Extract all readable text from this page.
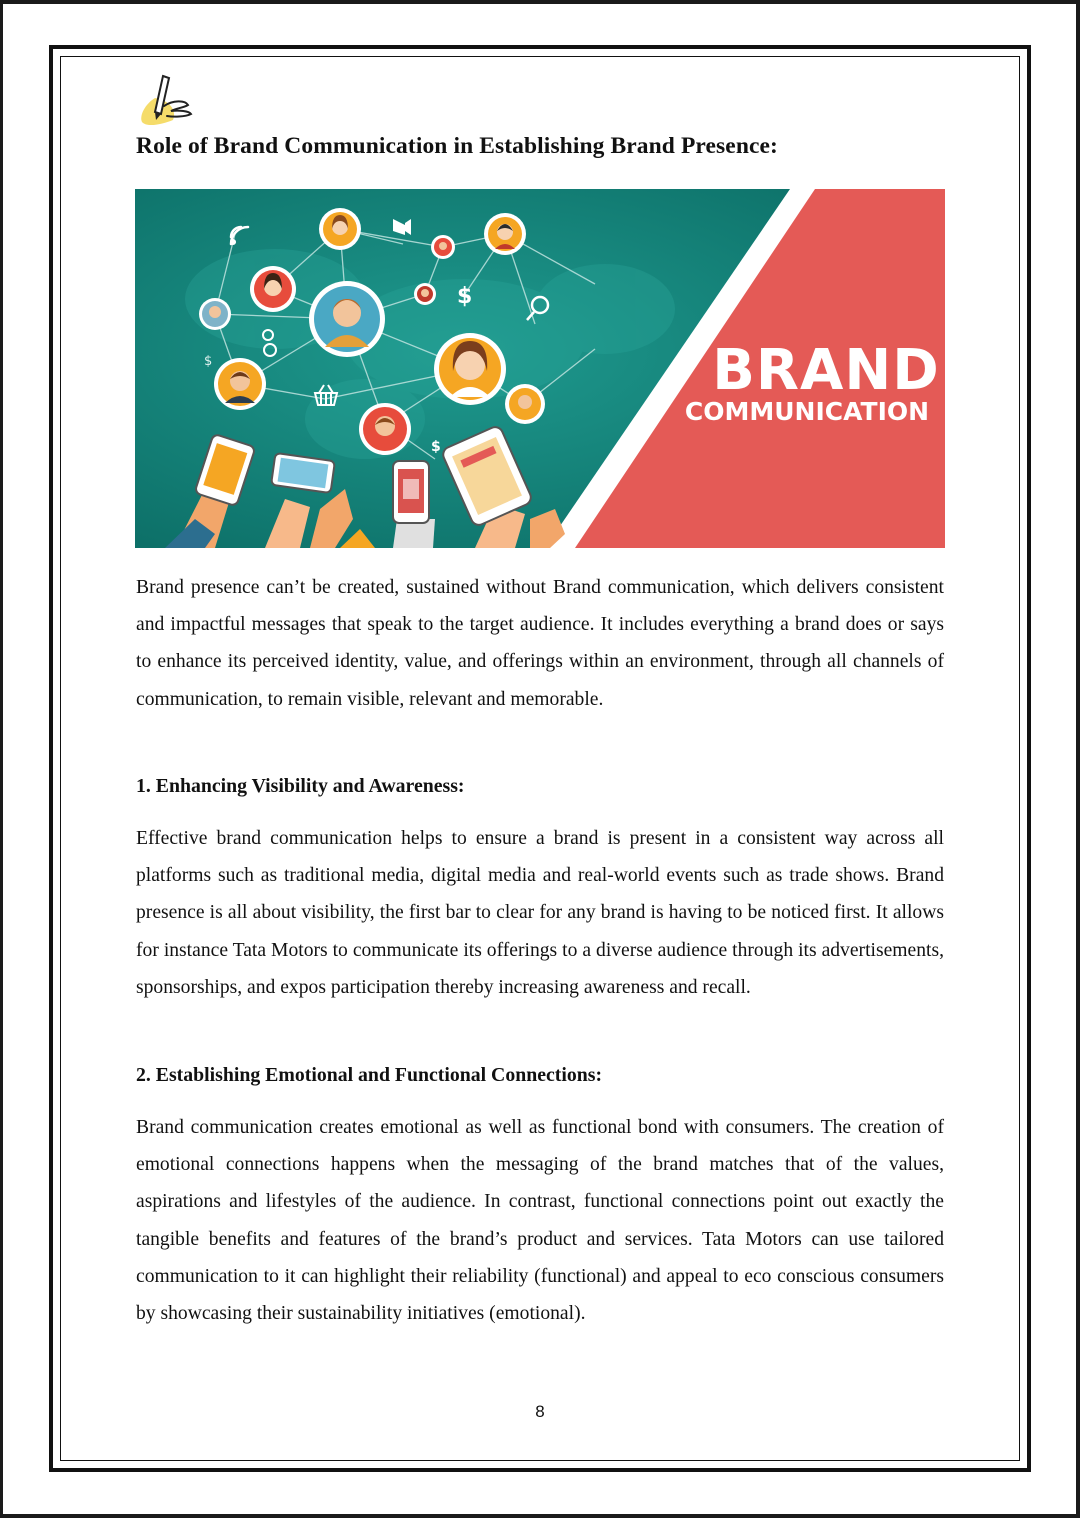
Role of Brand Communication in Establishing Brand Presence:
$
$
$
BRAND
COMMUNICATION

Brand presence can’t be created, sustained without Brand communication, which delivers consistent and impactful messages that speak to the target audience. It includes everything a brand does or says to enhance its perceived identity, value, and offerings within an environment, through all channels of communication, to remain visible, relevant and memorable.

1. Enhancing Visibility and Awareness:

Effective brand communication helps to ensure a brand is present in a consistent way across all platforms such as traditional media, digital media and real-world events such as trade shows. Brand presence is all about visibility, the first bar to clear for any brand is having to be noticed first. It allows for instance Tata Motors to communicate its offerings to a diverse audience through its advertisements, sponsorships, and expos participation thereby increasing awareness and recall.

2. Establishing Emotional and Functional Connections:

Brand communication creates emotional as well as functional bond with consumers. The creation of emotional connections happens when the messaging of the brand matches that of the values, aspirations and lifestyles of the audience. In contrast, functional connections point out exactly the tangible benefits and features of the brand’s product and services. Tata Motors can use tailored communication to it can highlight their reliability (functional) and appeal to eco conscious consumers by showcasing their sustainability initiatives (emotional).

8
